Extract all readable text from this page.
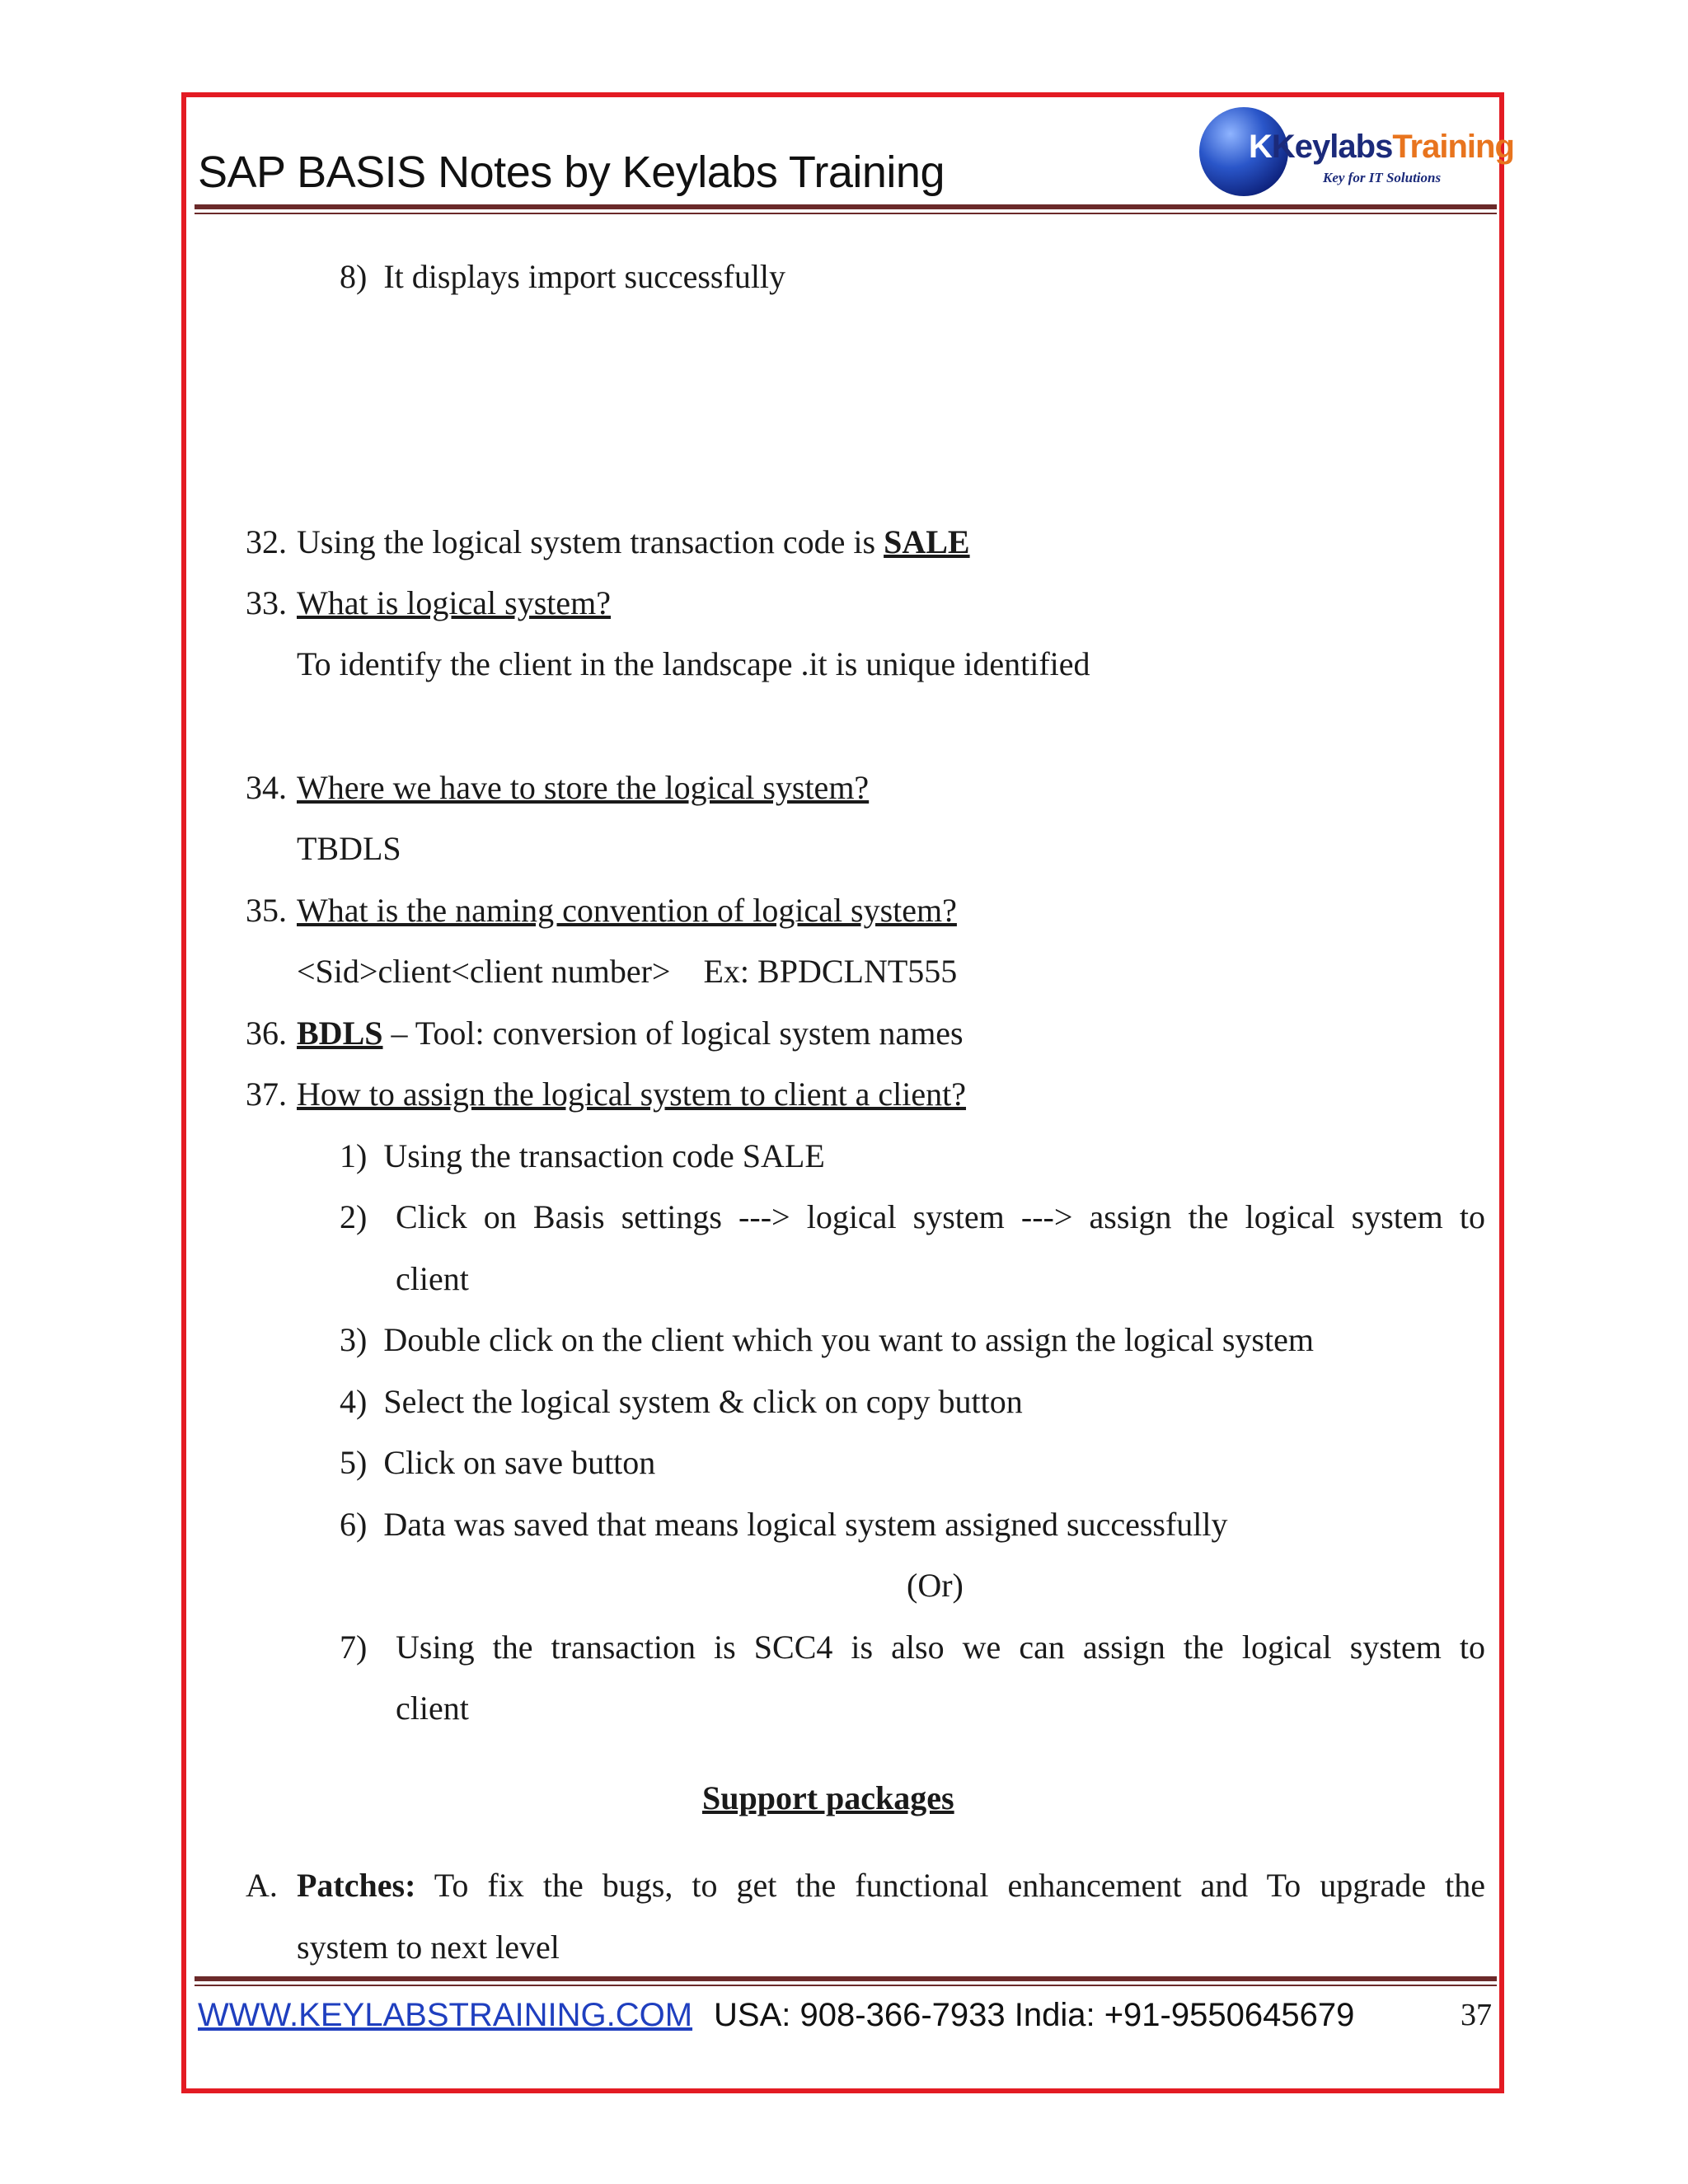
SAP BASIS Notes by Keylabs Training
KKeylabsTraining
Key for IT Solutions
8) It displays import successfully
32. Using the logical system transaction code is SALE
33. What is logical system?
To identify the client in the landscape .it is unique identified
34. Where we have to store the logical system?
TBDLS
35. What is the naming convention of logical system?
<Sid>client<client number> Ex: BPDCLNT555
36. BDLS – Tool: conversion of logical system names
37. How to assign the logical system to client a client?
1) Using the transaction code SALE
2) Click on Basis settings ---> logical system ---> assign the logical system to
client
3) Double click on the client which you want to assign the logical system
4) Select the logical system & click on copy button
5) Click on save button
6) Data was saved that means logical system assigned successfully
(Or)
7) Using the transaction is SCC4 is also we can assign the logical system to
client
Support packages
A. Patches: To fix the bugs, to get the functional enhancement and To upgrade the
system to next level
WWW.KEYLABSTRAINING.COM USA: 908-366-7933 India: +91-9550645679	37
